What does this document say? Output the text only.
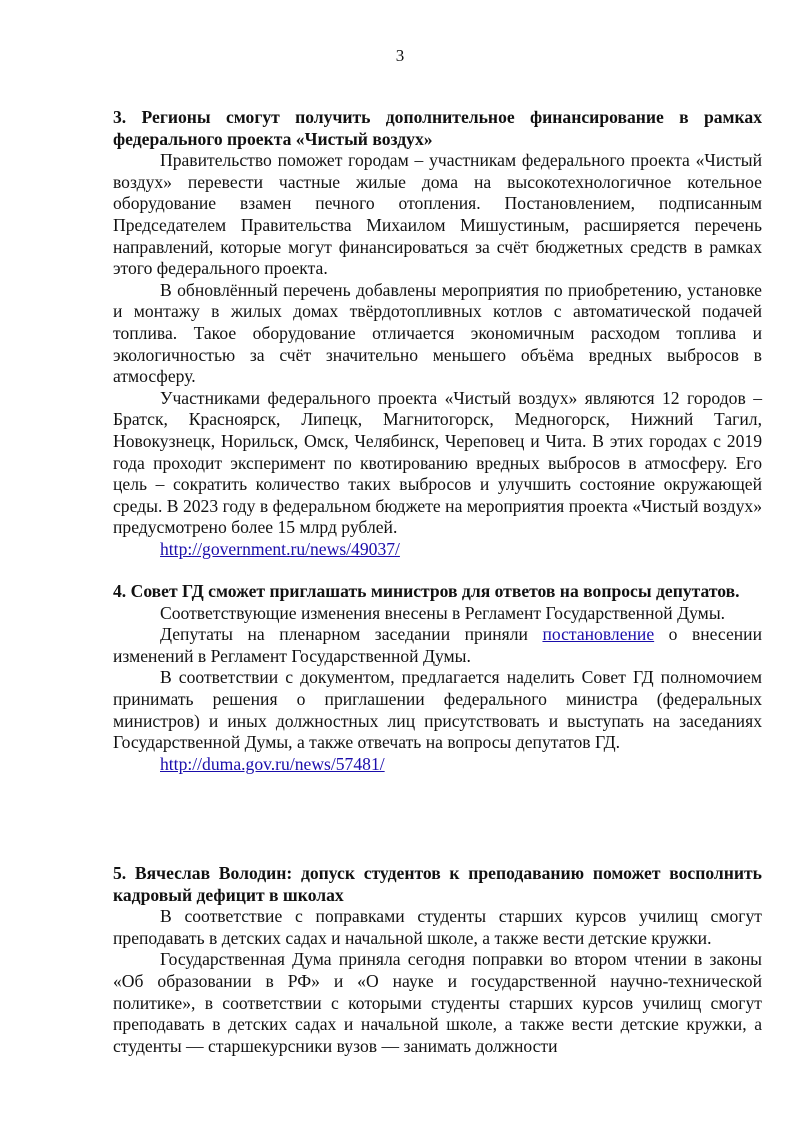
3

3. Регионы смогут получить дополнительное финансирование в рамках федерального проекта «Чистый воздух»

Правительство поможет городам – участникам федерального проекта «Чистый воздух» перевести частные жилые дома на высокотехнологичное котельное оборудование взамен печного отопления. Постановлением, подписанным Председателем Правительства Михаилом Мишустиным, расширяется перечень направлений, которые могут финансироваться за счёт бюджетных средств в рамках этого федерального проекта.

В обновлённый перечень добавлены мероприятия по приобретению, установке и монтажу в жилых домах твёрдотопливных котлов с автоматической подачей топлива. Такое оборудование отличается экономичным расходом топлива и экологичностью за счёт значительно меньшего объёма вредных выбросов в атмосферу.

Участниками федерального проекта «Чистый воздух» являются 12 городов – Братск, Красноярск, Липецк, Магнитогорск, Медногорск, Нижний Тагил, Новокузнецк, Норильск, Омск, Челябинск, Череповец и Чита. В этих городах с 2019 года проходит эксперимент по квотированию вредных выбросов в атмосферу. Его цель – сократить количество таких выбросов и улучшить состояние окружающей среды. В 2023 году в федеральном бюджете на мероприятия проекта «Чистый воздух» предусмотрено более 15 млрд рублей.

http://government.ru/news/49037/

4. Совет ГД сможет приглашать министров для ответов на вопросы депутатов.

Соответствующие изменения внесены в Регламент Государственной Думы.

Депутаты на пленарном заседании приняли постановление о внесении изменений в Регламент Государственной Думы.

В соответствии с документом, предлагается наделить Совет ГД полномочием принимать решения о приглашении федерального министра (федеральных министров) и иных должностных лиц присутствовать и выступать на заседаниях Государственной Думы, а также отвечать на вопросы депутатов ГД.

http://duma.gov.ru/news/57481/

5. Вячеслав Володин: допуск студентов к преподаванию поможет восполнить кадровый дефицит в школах

В соответствие с поправками студенты старших курсов училищ смогут преподавать в детских садах и начальной школе, а также вести детские кружки.

Государственная Дума приняла сегодня поправки во втором чтении в законы «Об образовании в РФ» и «О науке и государственной научно-технической политике», в соответствии с которыми студенты старших курсов училищ смогут преподавать в детских садах и начальной школе, а также вести детские кружки, а студенты — старшекурсники вузов — занимать должности
